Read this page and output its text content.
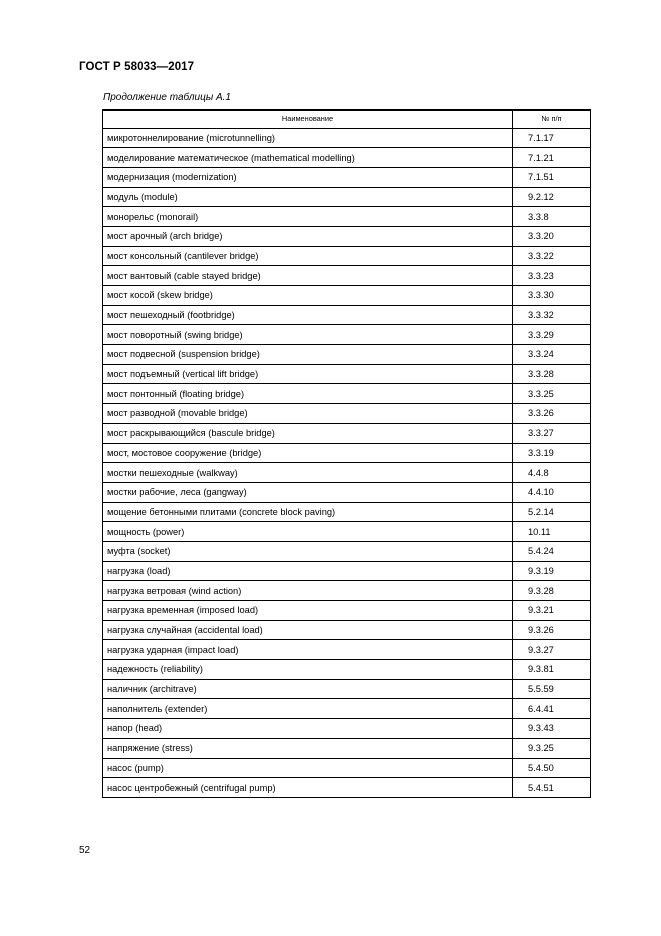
ГОСТ Р 58033—2017
Продолжение таблицы А.1
Наименование	№ п/п
микротоннелирование (microtunnelling)	7.1.17
моделирование математическое (mathematical modelling)	7.1.21
модернизация (modernization)	7.1.51
модуль (module)	9.2.12
монорельс (monorail)	3.3.8
мост арочный (arch bridge)	3.3.20
мост консольный (cantilever bridge)	3.3.22
мост вантовый (cable stayed bridge)	3.3.23
мост косой (skew bridge)	3.3.30
мост пешеходный (footbridge)	3.3.32
мост поворотный (swing bridge)	3.3.29
мост подвесной (suspension bridge)	3.3.24
мост подъемный (vertical lift bridge)	3.3.28
мост понтонный (floating bridge)	3.3.25
мост разводной (movable bridge)	3.3.26
мост раскрывающийся (bascule bridge)	3.3.27
мост, мостовое сооружение (bridge)	3.3.19
мостки пешеходные (walkway)	4.4.8
мостки рабочие, леса (gangway)	4.4.10
мощение бетонными плитами (concrete block paving)	5.2.14
мощность (power)	10.11
муфта (socket)	5.4.24
нагрузка (load)	9.3.19
нагрузка ветровая (wind action)	9.3.28
нагрузка временная (imposed load)	9.3.21
нагрузка случайная (accidental load)	9.3.26
нагрузка ударная (impact load)	9.3.27
надежность (reliability)	9.3.81
наличник (architrave)	5.5.59
наполнитель (extender)	6.4.41
напор (head)	9.3.43
напряжение (stress)	9.3.25
насос (pump)	5.4.50
насос центробежный (centrifugal pump)	5.4.51
52
